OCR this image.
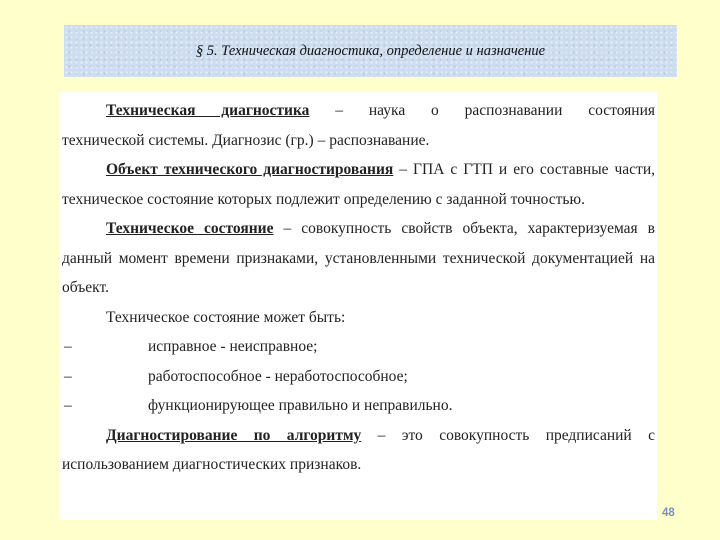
§ 5. Техническая диагностика, определение и назначение
Техническая диагностика – наука о распознавании состояния
технической системы. Диагнозис (гр.) – распознавание.
Объект технического диагностирования – ГПА с ГТП и его составные части, техническое состояние которых подлежит определению с заданной точностью.
Техническое состояние – совокупность свойств объекта, характеризуемая в данный момент времени признаками, установленными технической документацией на объект.
Техническое состояние может быть:
–	исправное - неисправное;
–	работоспособное - неработоспособное;
–	функционирующее правильно и неправильно.
Диагностирование по алгоритму – это совокупность предписаний с использованием диагностических признаков.
48
